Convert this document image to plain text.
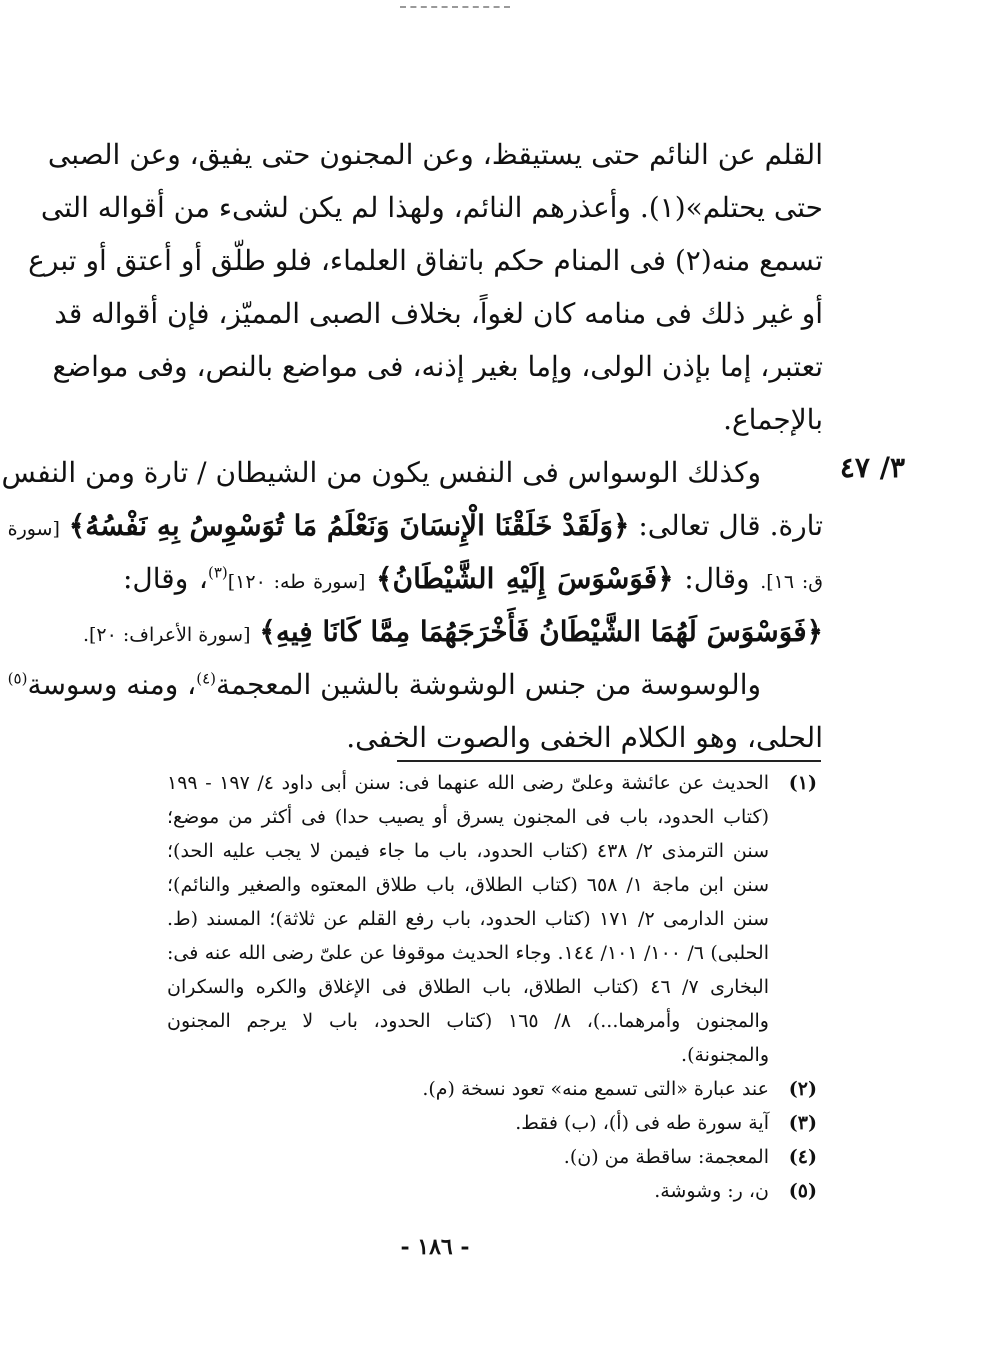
القلم عن النائم حتى يستيقظ، وعن المجنون حتى يفيق، وعن الصبى
حتى يحتلم»(١). وأعذرهم النائم، ولهذا لم يكن لشىء من أقواله التى
تسمع منه(٢) فى المنام حكم باتفاق العلماء، فلو طلّق أو أعتق أو تبرع
أو غير ذلك فى منامه كان لغواً، بخلاف الصبى المميّز، فإن أقواله قد
تعتبر، إما بإذن الولى، وإما بغير إذنه، فى مواضع بالنص، وفى مواضع
بالإجماع.
وكذلك الوسواس فى النفس يكون من الشيطان / تارة ومن النفس
تارة. قال تعالى: ﴿وَلَقَدْ خَلَقْنَا الْإِنسَانَ وَنَعْلَمُ مَا تُوَسْوِسُ بِهِ نَفْسُهُ﴾ [سورة
ق: ١٦]. وقال: ﴿فَوَسْوَسَ إِلَيْهِ الشَّيْطَانُ﴾ [سورة طه: ١٢٠]$^{(٣)}$، وقال:
﴿فَوَسْوَسَ لَهُمَا الشَّيْطَانُ فَأَخْرَجَهُمَا مِمَّا كَانَا فِيهِ﴾ [سورة الأعراف: ٢٠].
والوسوسة من جنس الوشوشة بالشين المعجمة$^{(٤)}$، ومنه وسوسة$^{(٥)}$
الحلى، وهو الكلام الخفى والصوت الخفى.
٣/ ٤٧
(١)
الحديث عن عائشة وعلىّ رضى الله عنهما فى: سنن أبى داود ٤/ ١٩٧ - ١٩٩ (كتاب الحدود، باب فى المجنون يسرق أو يصيب حدا) فى أكثر من موضع؛ سنن الترمذى ٢/ ٤٣٨ (كتاب الحدود، باب ما جاء فيمن لا يجب عليه الحد)؛ سنن ابن ماجة ١/ ٦٥٨ (كتاب الطلاق، باب طلاق المعتوه والصغير والنائم)؛ سنن الدارمى ٢/ ١٧١ (كتاب الحدود، باب رفع القلم عن ثلاثة)؛ المسند (ط. الحلبى) ٦/ ١٠٠/ ١٠١/ ١٤٤. وجاء الحديث موقوفا عن علىّ رضى الله عنه فى: البخارى ٧/ ٤٦ (كتاب الطلاق، باب الطلاق فى الإغلاق والكره والسكران والمجنون وأمرهما...)، ٨/ ١٦٥ (كتاب الحدود، باب لا يرجم المجنون والمجنونة).
(٢)
عند عبارة «التى تسمع منه» تعود نسخة (م).
(٣)
آية سورة طه فى (أ)، (ب) فقط.
(٤)
المعجمة: ساقطة من (ن).
(٥)
ن، ر: وشوشة.
- ١٨٦ -
